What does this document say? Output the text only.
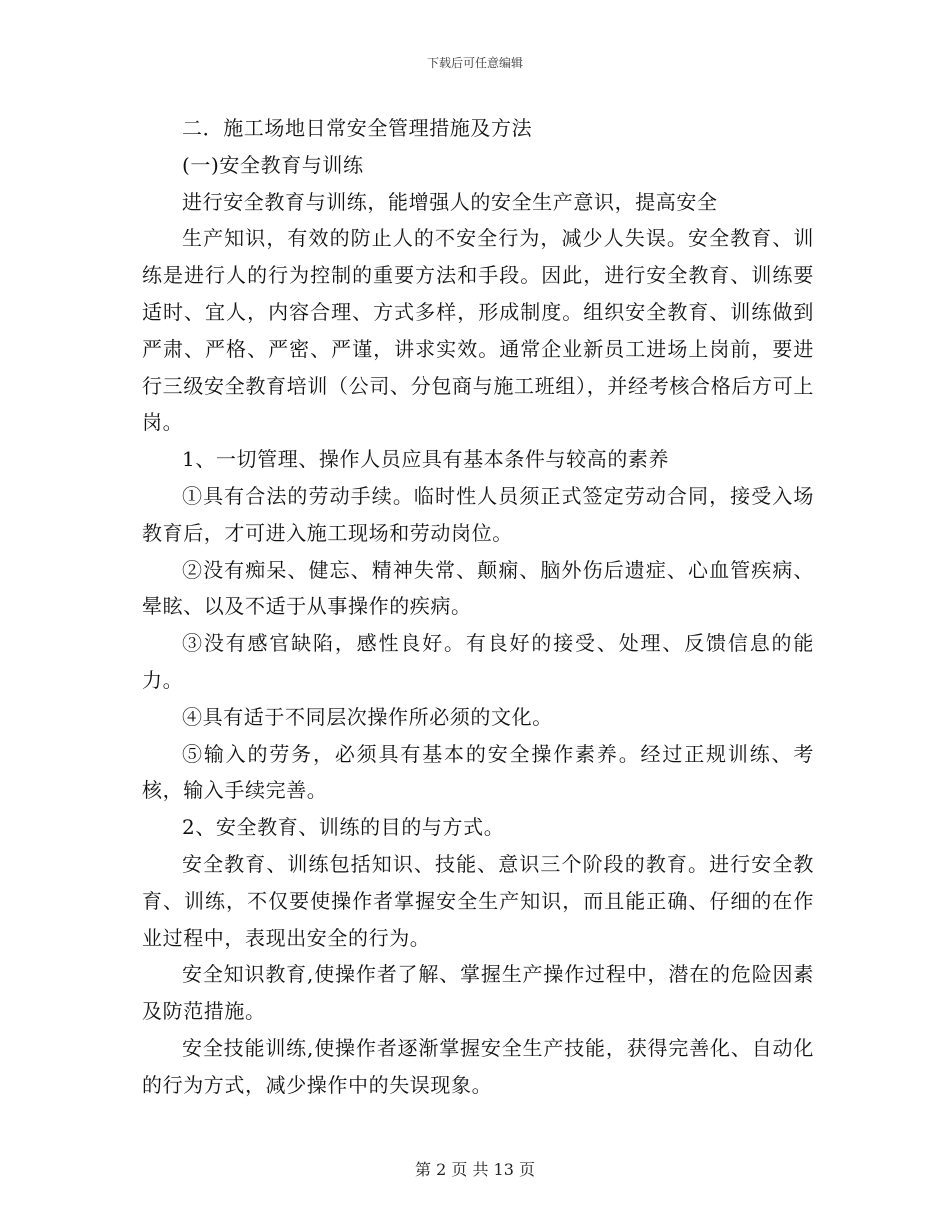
下载后可任意编辑

二．施工场地日常安全管理措施及方法

(一)安全教育与训练

进行安全教育与训练，能增强人的安全生产意识，提高安全

生产知识，有效的防止人的不安全行为，减少人失误。安全教育、训练是进行人的行为控制的重要方法和手段。因此，进行安全教育、训练要适时、宜人，内容合理、方式多样，形成制度。组织安全教育、训练做到严肃、严格、严密、严谨，讲求实效。通常企业新员工进场上岗前，要进行三级安全教育培训（公司、分包商与施工班组），并经考核合格后方可上岗。

1、一切管理、操作人员应具有基本条件与较高的素养

①具有合法的劳动手续。临时性人员须正式签定劳动合同，接受入场教育后，才可进入施工现场和劳动岗位。

②没有痴呆、健忘、精神失常、颠痫、脑外伤后遗症、心血管疾病、晕眩、以及不适于从事操作的疾病。

③没有感官缺陷，感性良好。有良好的接受、处理、反馈信息的能力。

④具有适于不同层次操作所必须的文化。

⑤输入的劳务，必须具有基本的安全操作素养。经过正规训练、考核，输入手续完善。

2、安全教育、训练的目的与方式。

安全教育、训练包括知识、技能、意识三个阶段的教育。进行安全教育、训练，不仅要使操作者掌握安全生产知识，而且能正确、仔细的在作业过程中，表现出安全的行为。

安全知识教育,使操作者了解、掌握生产操作过程中，潜在的危险因素及防范措施。

安全技能训练,使操作者逐渐掌握安全生产技能，获得完善化、自动化的行为方式，减少操作中的失误现象。

第 2 页 共 13 页
